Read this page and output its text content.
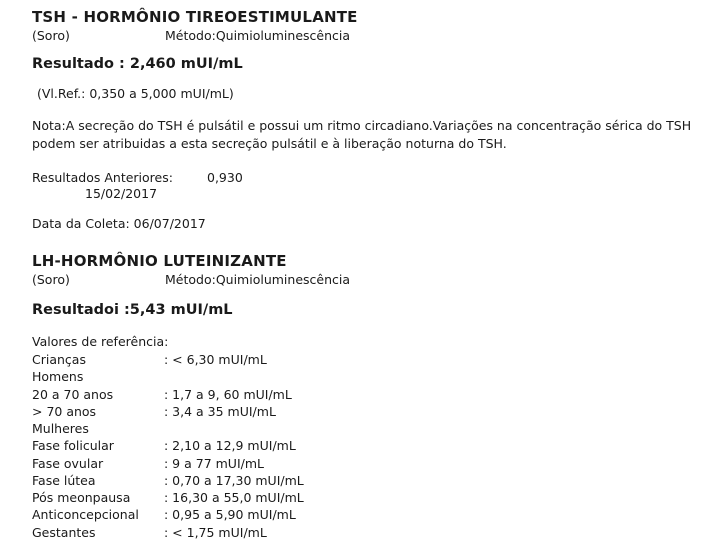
TSH - HORMÔNIO TIREOESTIMULANTE
(Soro)	Método:Quimioluminescência
Resultado : 2,460 mUI/mL
(Vl.Ref.: 0,350 a 5,000 mUI/mL)
Nota:A secreção do TSH é pulsátil e possui um ritmo circadiano.Variações na concentração sérica do TSH podem ser atribuidas a esta secreção pulsátil e à liberação noturna do TSH.
Resultados Anteriores:	0,930
15/02/2017
Data da Coleta: 06/07/2017
LH-HORMÔNIO LUTEINIZANTE
(Soro)	Método:Quimioluminescência
Resultadoi :5,43 mUI/mL
Valores de referência:
Crianças	: < 6,30 mUI/mL
Homens	
20 a 70 anos	: 1,7 a 9, 60 mUI/mL
> 70 anos	: 3,4 a 35 mUI/mL
Mulheres	
Fase folicular	: 2,10 a 12,9 mUI/mL
Fase ovular	: 9 a 77 mUI/mL
Fase lútea	: 0,70 a 17,30 mUI/mL
Pós meonpausa	: 16,30 a 55,0 mUI/mL
Anticoncepcional	: 0,95 a 5,90 mUI/mL
Gestantes	: < 1,75 mUI/mL
